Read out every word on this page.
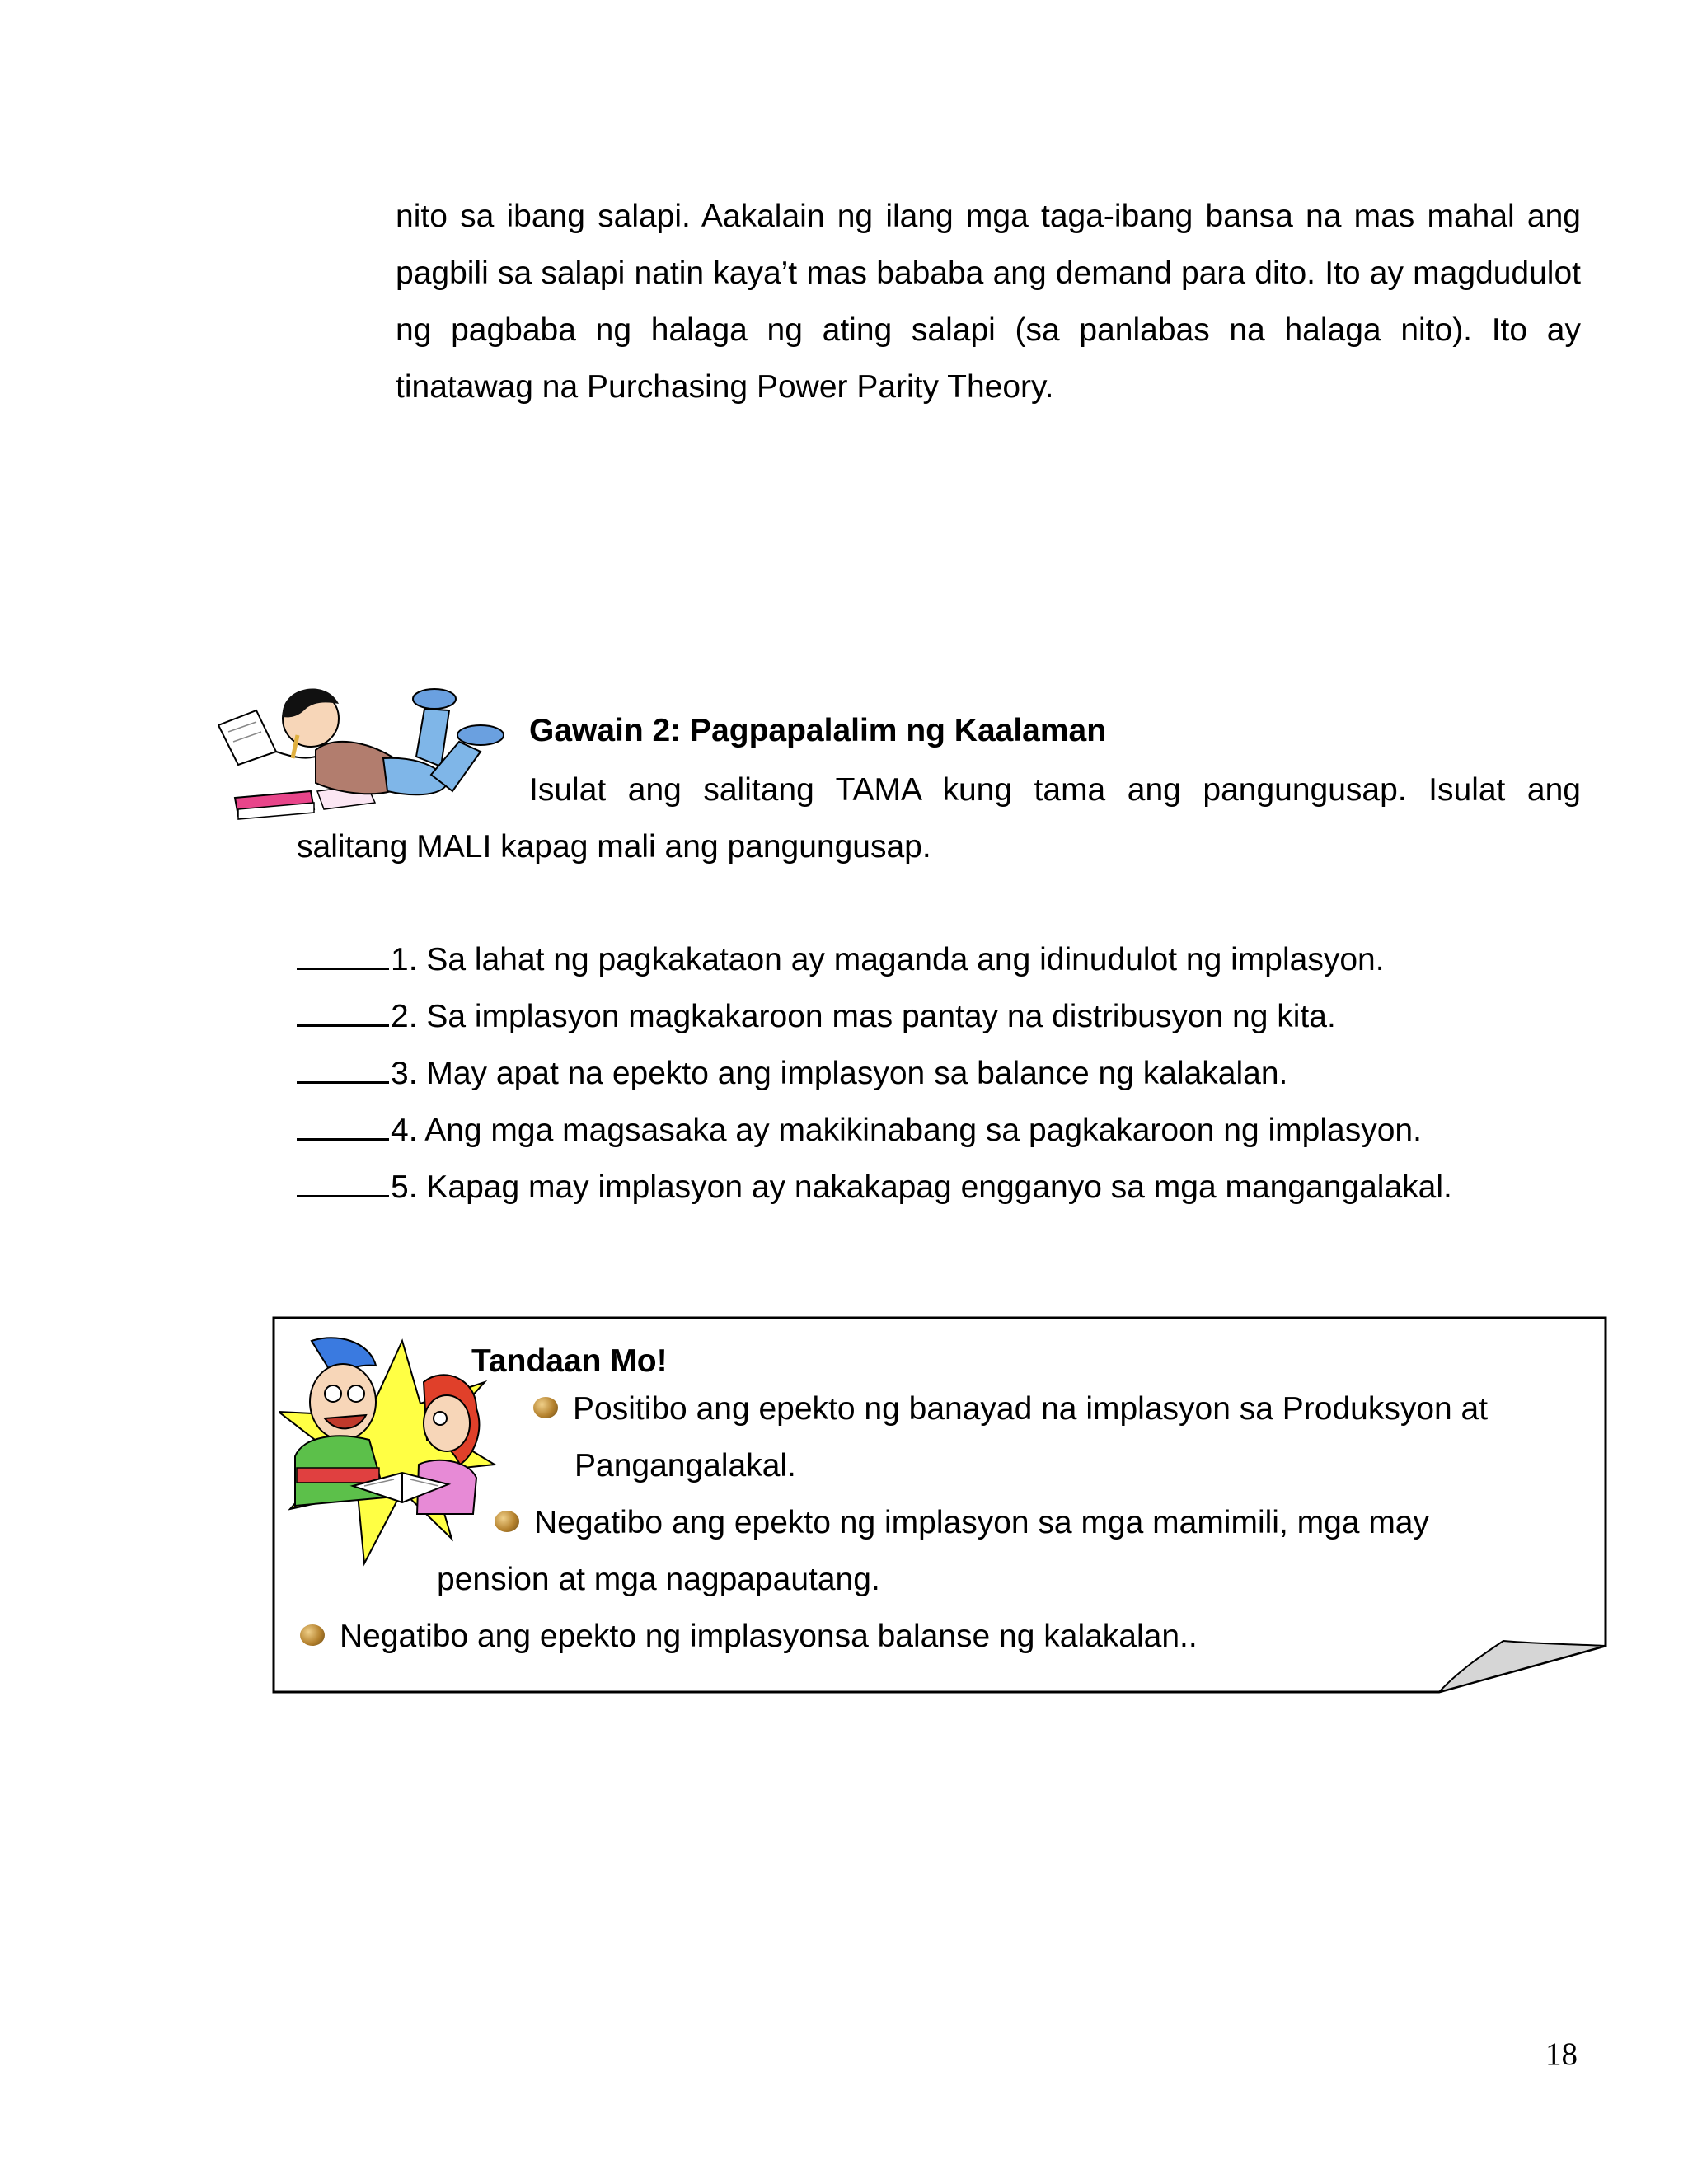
nito sa ibang salapi. Aakalain ng ilang mga taga-ibang bansa na mas mahal ang pagbili sa salapi natin kaya’t mas bababa ang demand para dito. Ito ay magdudulot ng pagbaba ng halaga ng ating salapi (sa panlabas na halaga nito). Ito ay tinatawag na Purchasing Power Parity Theory.

Gawain 2: Pagpapalalim ng Kaalaman

Isulat ang salitang TAMA kung tama ang pangungusap. Isulat ang salitang MALI kapag mali ang pangungusap.

1. Sa lahat ng pagkakataon ay maganda ang idinudulot ng implasyon.
2. Sa implasyon magkakaroon mas pantay na distribusyon ng kita.
3. May apat na epekto ang implasyon sa balance ng kalakalan.
4. Ang mga magsasaka ay makikinabang sa pagkakaroon ng implasyon.
5. Kapag may implasyon ay nakakapag engganyo sa mga mangangalakal.
Tandaan Mo!
Positibo ang epekto ng banayad na implasyon sa Produksyon at
Pangangalakal.
Negatibo ang epekto ng implasyon sa mga mamimili, mga may
pension at mga nagpapautang.
Negatibo ang epekto ng implasyonsa balanse ng kalakalan..
18
